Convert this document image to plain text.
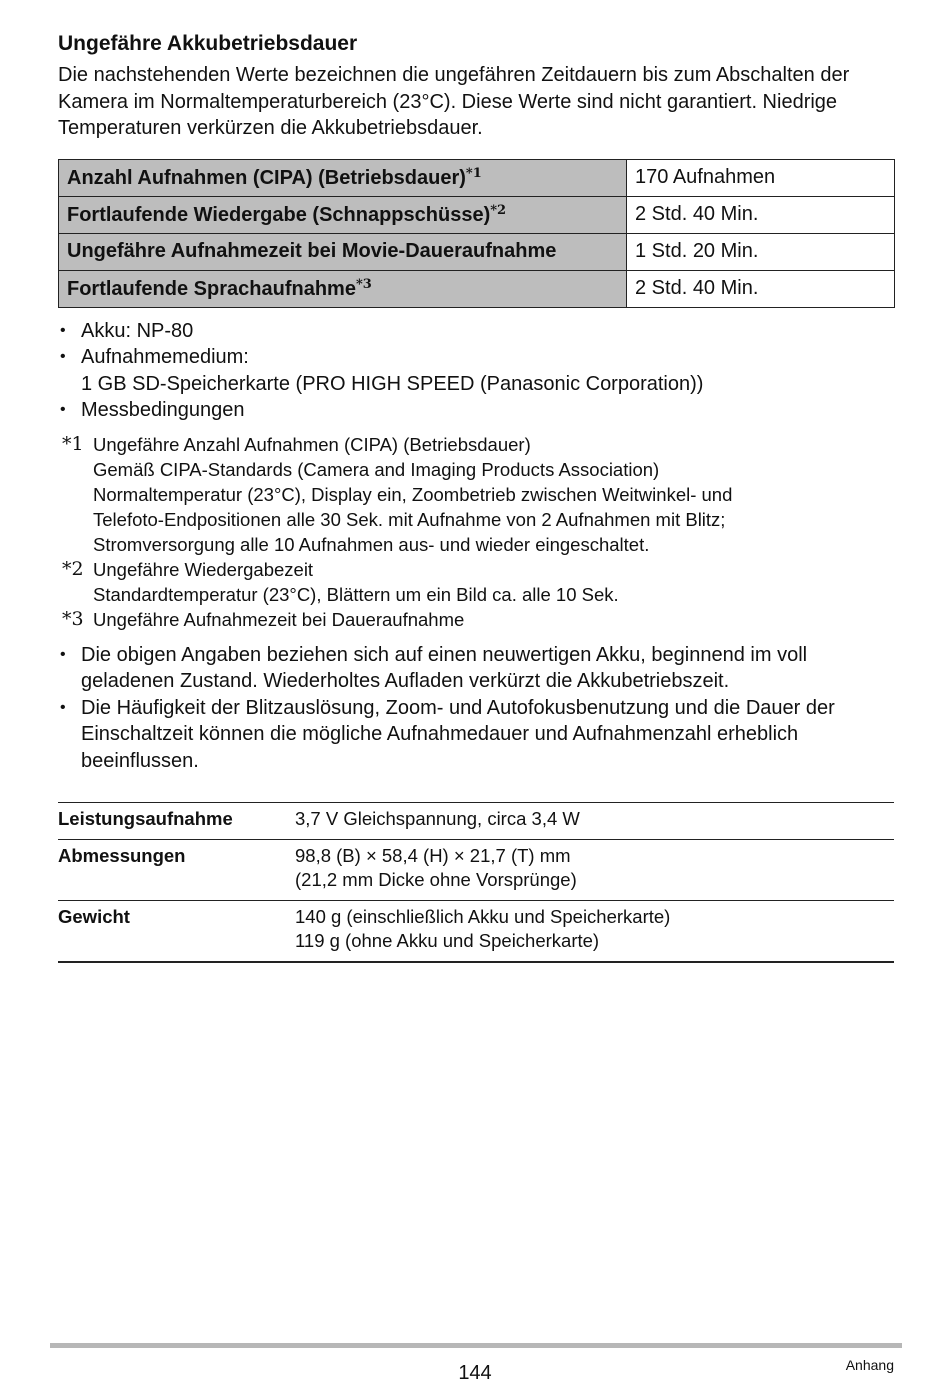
Ungefähre Akkubetriebsdauer

Die nachstehenden Werte bezeichnen die ungefähren Zeitdauern bis zum Abschalten der Kamera im Normaltemperaturbereich (23°C). Diese Werte sind nicht garantiert. Niedrige Temperaturen verkürzen die Akkubetriebsdauer.

Anzahl Aufnahmen (CIPA) (Betriebsdauer)$^{*1}$	170 Aufnahmen
Fortlaufende Wiedergabe (Schnappschüsse)$^{*2}$	2 Std. 40 Min.
Ungefähre Aufnahmezeit bei Movie-Daueraufnahme	1 Std. 20 Min.
Fortlaufende Sprachaufnahme$^{*3}$	2 Std. 40 Min.
• Akku: NP-80
• Aufnahmemedium:
1 GB SD-Speicherkarte (PRO HIGH SPEED (Panasonic Corporation))
• Messbedingungen
*1 Ungefähre Anzahl Aufnahmen (CIPA) (Betriebsdauer)
Gemäß CIPA-Standards (Camera and Imaging Products Association)
Normaltemperatur (23°C), Display ein, Zoombetrieb zwischen Weitwinkel- und
Telefoto-Endpositionen alle 30 Sek. mit Aufnahme von 2 Aufnahmen mit Blitz;
Stromversorgung alle 10 Aufnahmen aus- und wieder eingeschaltet.
*2 Ungefähre Wiedergabezeit
Standardtemperatur (23°C), Blättern um ein Bild ca. alle 10 Sek.
*3 Ungefähre Aufnahmezeit bei Daueraufnahme
• Die obigen Angaben beziehen sich auf einen neuwertigen Akku, beginnend im voll geladenen Zustand. Wiederholtes Aufladen verkürzt die Akkubetriebszeit.
• Die Häufigkeit der Blitzauslösung, Zoom- und Autofokusbenutzung und die Dauer der Einschaltzeit können die mögliche Aufnahmedauer und Aufnahmenzahl erheblich beeinflussen.
Leistungsaufnahme	3,7 V Gleichspannung, circa 3,4 W

Abmessungen	98,8 (B) × 58,4 (H) × 21,7 (T) mm
(21,2 mm Dicke ohne Vorsprünge)

Gewicht	140 g (einschließlich Akku und Speicherkarte)
119 g (ohne Akku und Speicherkarte)
144	Anhang
